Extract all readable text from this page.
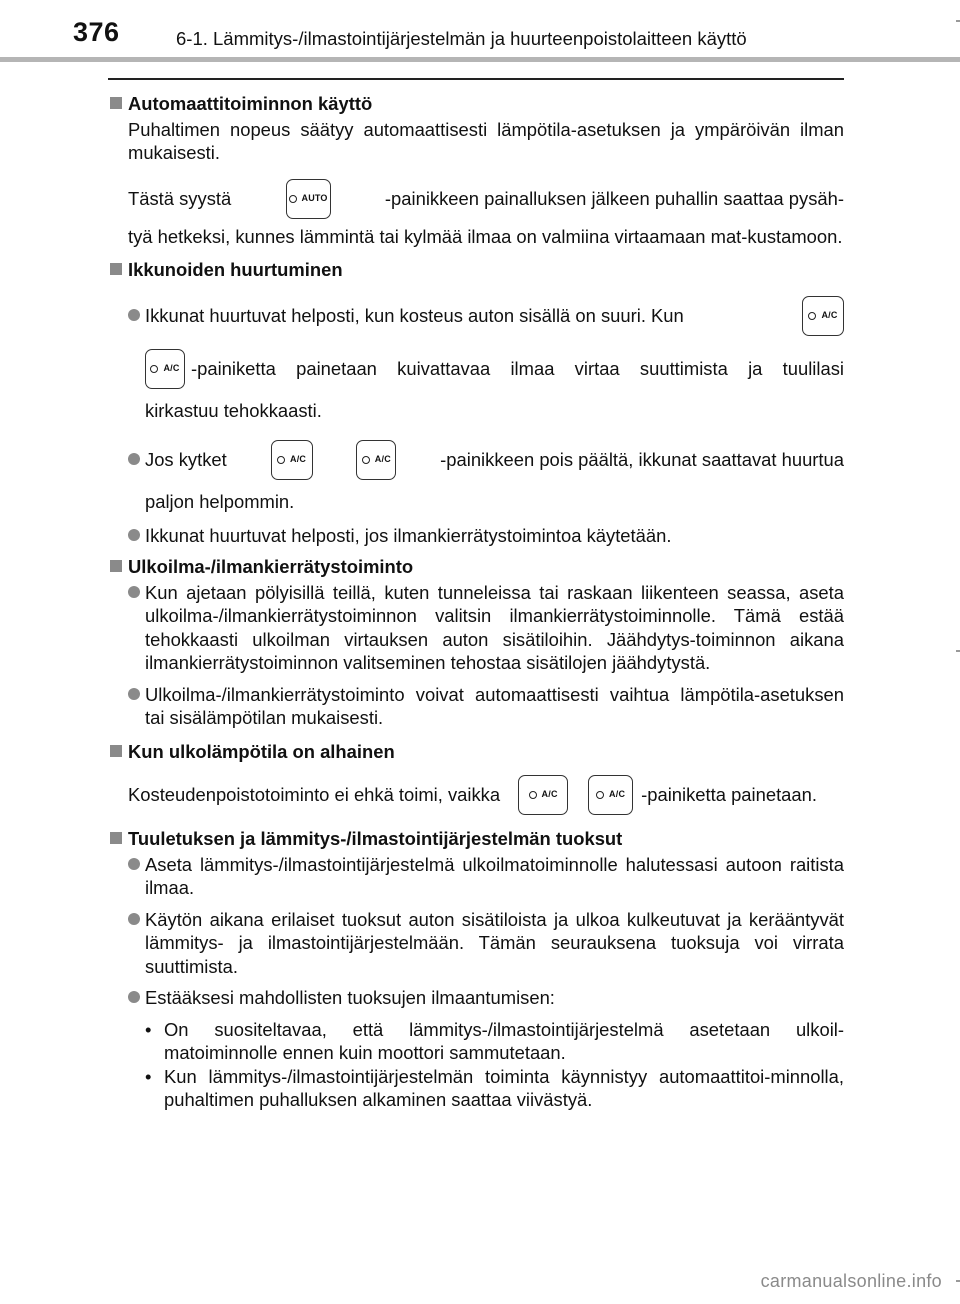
376	6-1. Lämmitys-/ilmastointijärjestelmän ja huurteenpoistolaitteen käyttö
Automaattitoiminnon käyttö
Puhaltimen nopeus säätyy automaattisesti lämpötila-asetuksen ja ympäröivän ilman mukaisesti.
Tästä syystä	AUTO	-painikkeen painalluksen jälkeen puhallin saattaa pysäh-
tyä hetkeksi, kunnes lämmintä tai kylmää ilmaa on valmiina virtaamaan mat-kustamoon.
Ikkunoiden huurtuminen
Ikkunat huurtuvat helposti, kun kosteus auton sisällä on suuri. Kun	A/C
A/C -painiketta painetaan kuivattavaa ilmaa virtaa suuttimista ja tuulilasi
kirkastuu tehokkaasti.
Jos kytket	A/C	A/C	-painikkeen pois päältä, ikkunat saattavat huurtua
paljon helpommin.
Ikkunat huurtuvat helposti, jos ilmankierrätystoimintoa käytetään.
Ulkoilma-/ilmankierrätystoiminto
Kun ajetaan pölyisillä teillä, kuten tunneleissa tai raskaan liikenteen seassa, aseta ulkoilma-/ilmankierrätystoiminnon valitsin ilmankierrätystoiminnolle. Tämä estää tehokkaasti ulkoilman virtauksen auton sisätiloihin. Jäähdytys-toiminnon aikana ilmankierrätystoiminnon valitseminen tehostaa sisätilojen jäähdytystä.
Ulkoilma-/ilmankierrätystoiminto voivat automaattisesti vaihtua lämpötila-asetuksen tai sisälämpötilan mukaisesti.
Kun ulkolämpötila on alhainen
Kosteudenpoistotoiminto ei ehkä toimi, vaikka	A/C	A/C -painiketta painetaan.
Tuuletuksen ja lämmitys-/ilmastointijärjestelmän tuoksut
Aseta lämmitys-/ilmastointijärjestelmä ulkoilmatoiminnolle halutessasi autoon raitista ilmaa.
Käytön aikana erilaiset tuoksut auton sisätiloista ja ulkoa kulkeutuvat ja kerääntyvät lämmitys- ja ilmastointijärjestelmään. Tämän seurauksena tuoksuja voi virrata suuttimista.
Estääksesi mahdollisten tuoksujen ilmaantumisen:
• On suositeltavaa, että lämmitys-/ilmastointijärjestelmä asetetaan ulkoil-matoiminnolle ennen kuin moottori sammutetaan.
• Kun lämmitys-/ilmastointijärjestelmän toiminta käynnistyy automaattitoi-minnolla, puhaltimen puhalluksen alkaminen saattaa viivästyä.
carmanualsonline.info
